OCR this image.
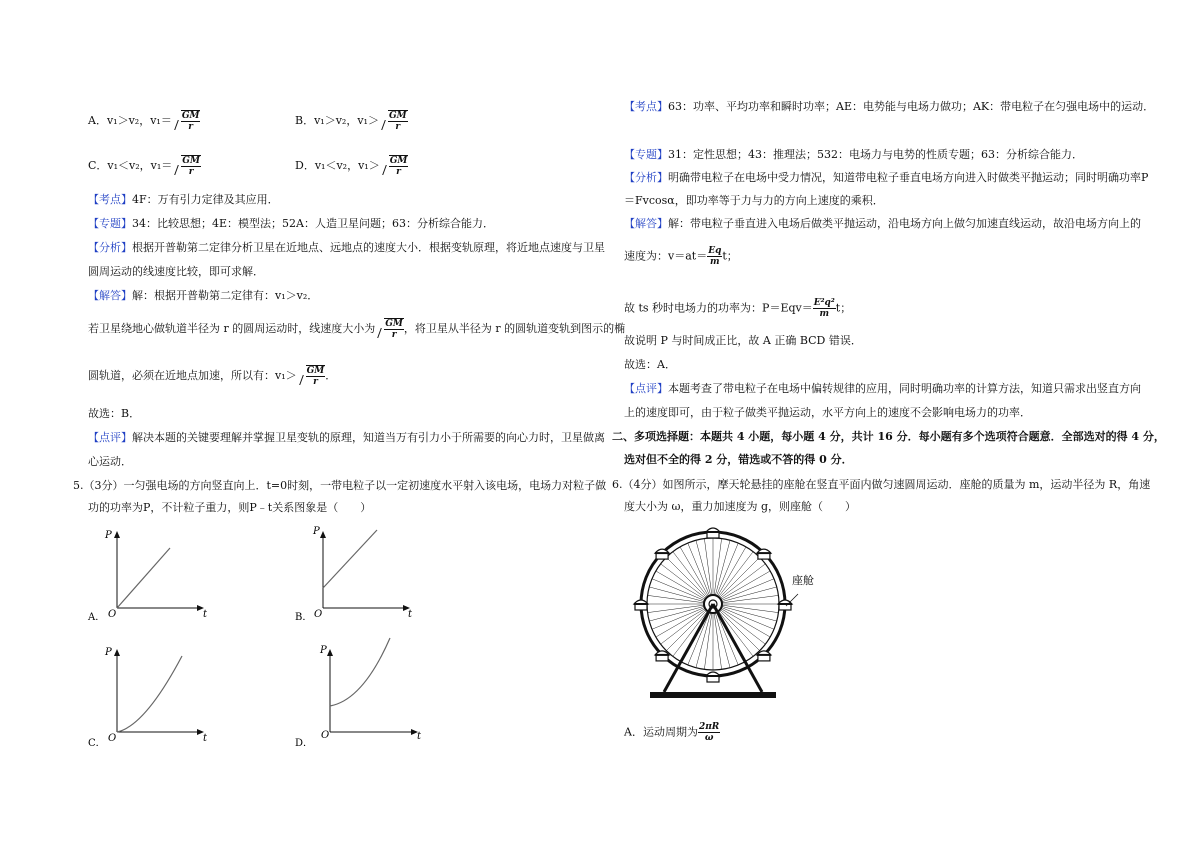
A．v₁＞v₂，$v_1= \frac{GM}{r}$	B．v₁＞v₂，$v_1> \frac{GM}{r}$
C．v₁＜v₂，$v_1= \frac{GM}{r}$	D．v₁＜v₂，$v_1> \frac{GM}{r}$
【考点】4F：万有引力定律及其应用．
【专题】34：比较思想；4E：模型法；52A：人造卫星问题；63：分析综合能力．
【分析】根据开普勒第二定律分析卫星在近地点、远地点的速度大小．根据变轨原理，将近地点速度与卫星
圆周运动的线速度比较，即可求解．
【解答】解：根据开普勒第二定律有：v₁＞v₂．
若卫星绕地心做轨道半径为 r 的圆周运动时，线速度大小为 $\frac{GM}{r}$ ，将卫星从半径为 r 的圆轨道变轨到图示的椭
圆轨道，必须在近地点加速，所以有：$v_1> \frac{GM}{r}$ ．
故选：B．
【点评】解决本题的关键要理解并掌握卫星变轨的原理，知道当万有引力小于所需要的向心力时，卫星做离
心运动．
5.（3分）一匀强电场的方向竖直向上．t=0时刻，一带电粒子以一定初速度水平射入该电场，电场力对粒子做
功的功率为P，不计粒子重力，则P﹣t关系图象是（　　）
P
t
O
A．
P
t
O
B．
P
t
O
C．
P
t
O
D．
【考点】63：功率、平均功率和瞬时功率；AE：电势能与电场力做功；AK：带电粒子在匀强电场中的运动．
【专题】31：定性思想；43：推理法；532：电场力与电势的性质专题；63：分析综合能力．
【分析】明确带电粒子在电场中受力情况，知道带电粒子垂直电场方向进入时做类平抛运动；同时明确功率P
＝Fvcosα，即功率等于力与力的方向上速度的乘积．
【解答】解：带电粒子垂直进入电场后做类平抛运动，沿电场方向上做匀加速直线运动，故沿电场方向上的
速度为：$v=at= \frac{Eq}{m}$ t；
故 ts 秒时电场力的功率为：$P=Eqv= \frac{\text{E²q²}}{m}$ t；
故说明 P 与时间成正比，故 A 正确 BCD 错误．
故选：A．
【点评】本题考查了带电粒子在电场中偏转规律的应用，同时明确功率的计算方法，知道只需求出竖直方向
上的速度即可，由于粒子做类平抛运动，水平方向上的速度不会影响电场力的功率．
二、多项选择题：本题共 4 小题，每小题 4 分，共计 16 分．每小题有多个选项符合题意．全部选对的得 4 分，
选对但不全的得 2 分，错选或不答的得 0 分．
6.（4分）如图所示，摩天轮悬挂的座舱在竖直平面内做匀速圆周运动．座舱的质量为 m，运动半径为 R，角速
度大小为 ω，重力加速度为 g，则座舱（　　）
座舱
A．运动周期为 $\frac{2\pi R}{\omega}$
